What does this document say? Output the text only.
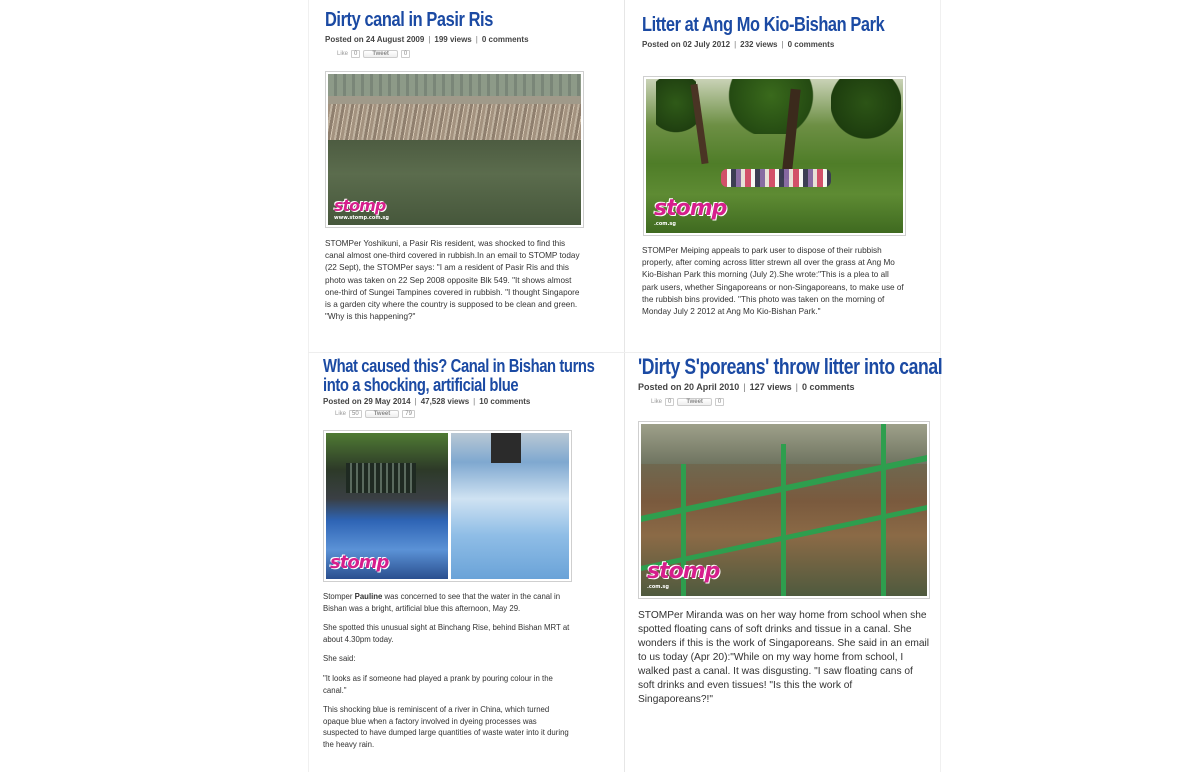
Dirty canal in Pasir Ris
Posted on 24 August 2009 | 199 views | 0 comments
Like	0	Tweet	0
stomp
www.stomp.com.sg

STOMPer Yoshikuni, a Pasir Ris resident, was shocked to find this canal almost one-third covered in rubbish.In an email to STOMP today (22 Sept), the STOMPer says: "I am a resident of Pasir Ris and this photo was taken on 22 Sep 2008 opposite Blk 549. "It shows almost one-third of Sungei Tampines covered in rubbish. "I thought Singapore is a garden city where the country is supposed to be clean and green. "Why is this happening?"

Litter at Ang Mo Kio-Bishan Park
Posted on 02 July 2012 | 232 views | 0 comments
stomp
.com.sg

STOMPer Meiping appeals to park user to dispose of their rubbish properly, after coming across litter strewn all over the grass at Ang Mo Kio-Bishan Park this morning (July 2).She wrote:"This is a plea to all park users, whether Singaporeans or non-Singaporeans, to make use of the rubbish bins provided. "This photo was taken on the morning of Monday July 2 2012 at Ang Mo Kio-Bishan Park."

What caused this? Canal in Bishan turns
into a shocking, artificial blue
Posted on 29 May 2014 | 47,528 views | 10 comments
Like	50	Tweet	79
stomp

Stomper Pauline was concerned to see that the water in the canal in Bishan was a bright, artificial blue this afternoon, May 29.

She spotted this unusual sight at Binchang Rise, behind Bishan MRT at about 4.30pm today.

She said:

"It looks as if someone had played a prank by pouring colour in the canal."

This shocking blue is reminiscent of a river in China, which turned opaque blue when a factory involved in dyeing processes was suspected to have dumped large quantities of waste water into it during the heavy rain.

'Dirty S'poreans' throw litter into canal
Posted on 20 April 2010 | 127 views | 0 comments
Like	0	Tweet	0
stomp
.com.sg

STOMPer Miranda was on her way home from school when she spotted floating cans of soft drinks and tissue in a canal. She wonders if this is the work of Singaporeans. She said in an email to us today (Apr 20):"While on my way home from school, I walked past a canal. It was disgusting. "I saw floating cans of soft drinks and even tissues! "Is this the work of Singaporeans?!"
